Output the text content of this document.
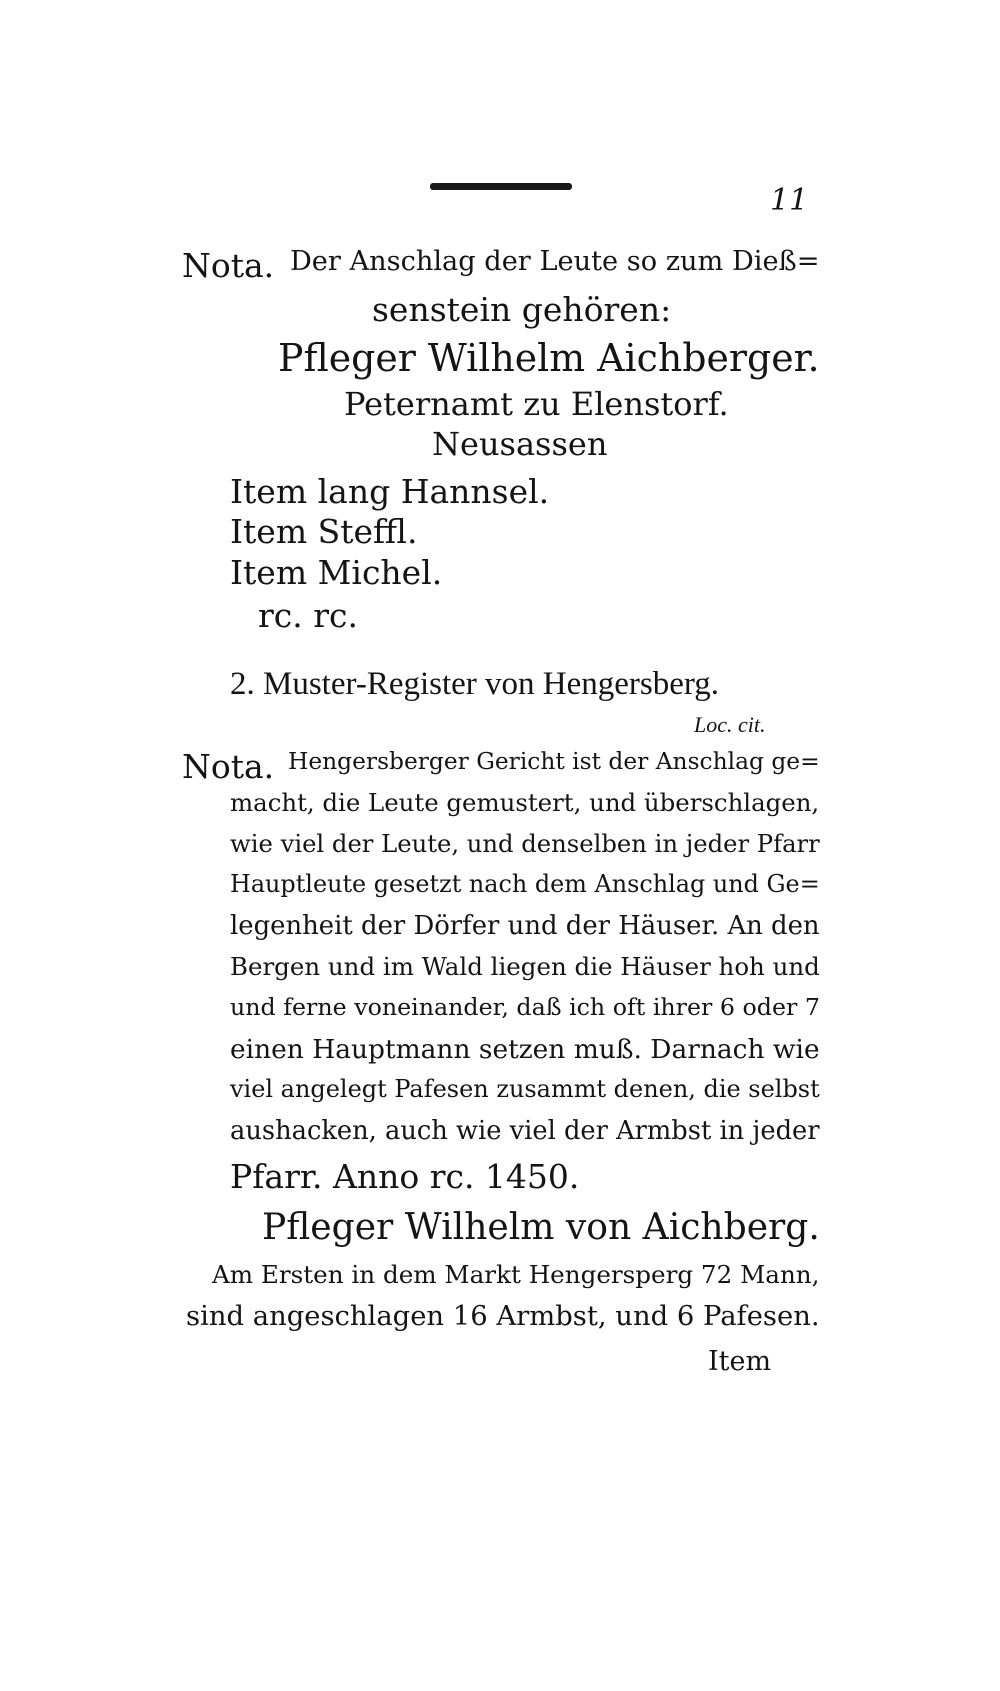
11
Nota. Der Anschlag der Leute so zum Dieß=
senstein gehören:
Pfleger Wilhelm Aichberger.
Peternamt zu Elenstorf.
Neusassen
Item lang Hannsel.
Item Steffl.
Item Michel.
rc. rc.
2. Muster-Register von Hengersberg.
Loc. cit.
Nota. Hengersberger Gericht ist der Anschlag ge=
macht, die Leute gemustert, und überschlagen,
wie viel der Leute, und denselben in jeder Pfarr
Hauptleute gesetzt nach dem Anschlag und Ge=
legenheit der Dörfer und der Häuser. An den
Bergen und im Wald liegen die Häuser hoh und
und ferne voneinander, daß ich oft ihrer 6 oder 7
einen Hauptmann setzen muß. Darnach wie
viel angelegt Pafesen zusammt denen, die selbst
aushacken, auch wie viel der Armbst in jeder
Pfarr. Anno rc. 1450.
Pfleger Wilhelm von Aichberg.
Am Ersten in dem Markt Hengersperg 72 Mann,
sind angeschlagen 16 Armbst, und 6 Pafesen.
Item
